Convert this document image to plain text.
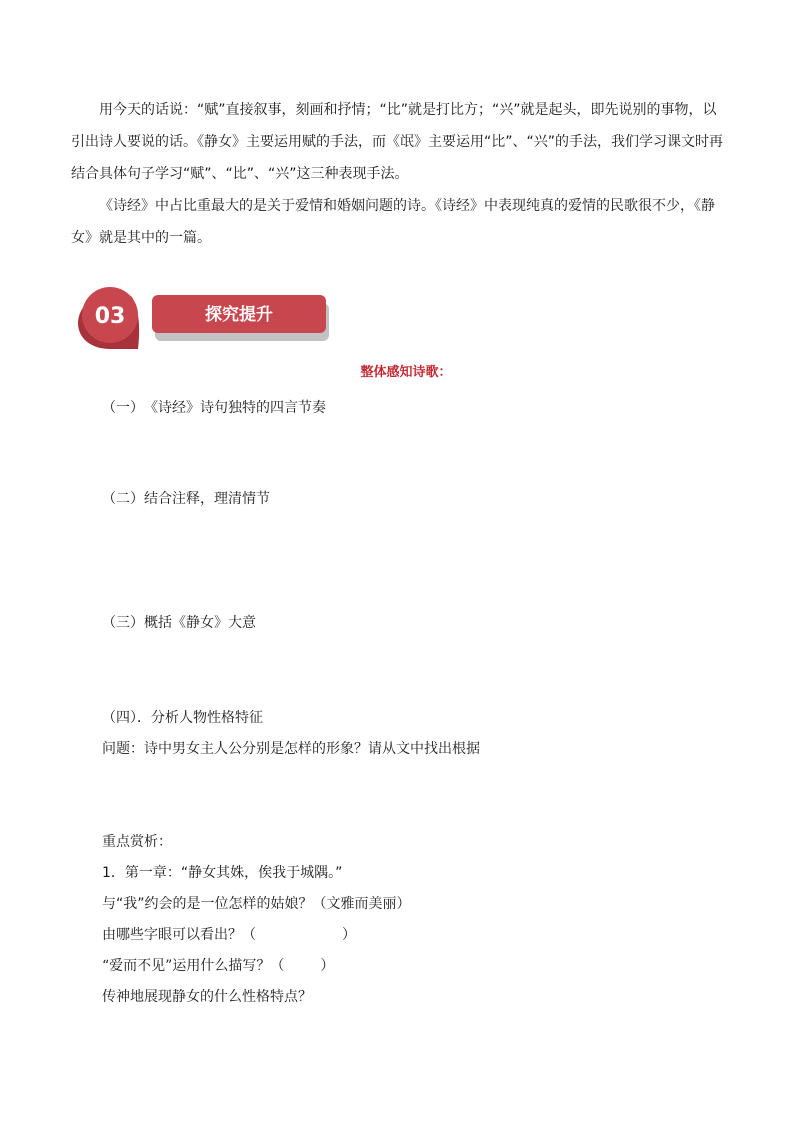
用今天的话说：“赋”直接叙事，刻画和抒情；“比”就是打比方；“兴”就是起头，即先说别的事物，以引出诗人要说的话。《静女》主要运用赋的手法，而《氓》主要运用“比”、“兴”的手法，我们学习课文时再结合具体句子学习“赋”、“比”、“兴”这三种表现手法。

《诗经》中占比重最大的是关于爱情和婚姻问题的诗。《诗经》中表现纯真的爱情的民歌很不少，《静女》就是其中的一篇。

03	探究提升
整体感知诗歌：
（一）　《诗经》诗句独特的四言节奏
（二）结合注释，理清情节
（三）概括《静女》大意
（四）．分析人物性格特征
问题：诗中男女主人公分别是怎样的形象？请从文中找出根据
重点赏析：
1．第一章：“静女其姝，俟我于城隅。”
与“我”约会的是一位怎样的姑娘？（文雅而美丽）
由哪些字眼可以看出？（	）
“爱而不见”运用什么描写？（	）
传神地展现静女的什么性格特点？
